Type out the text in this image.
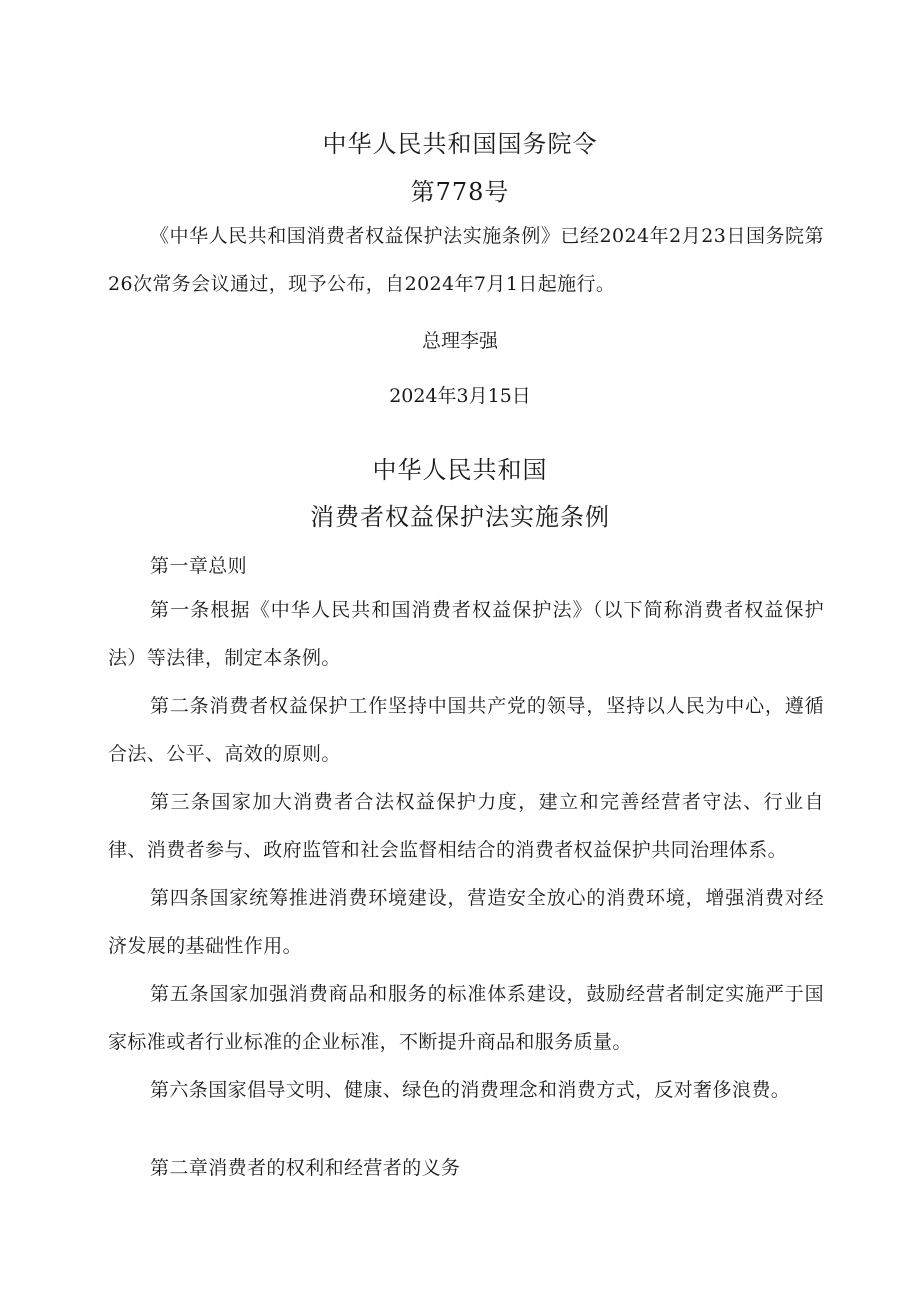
中华人民共和国国务院令
第778号
《中华人民共和国消费者权益保护法实施条例》已经2024年2月23日国务院第26次常务会议通过，现予公布，自2024年7月1日起施行。
总理李强
2024年3月15日
中华人民共和国
消费者权益保护法实施条例
第一章总则
第一条根据《中华人民共和国消费者权益保护法》（以下简称消费者权益保护法）等法律，制定本条例。
第二条消费者权益保护工作坚持中国共产党的领导，坚持以人民为中心，遵循合法、公平、高效的原则。
第三条国家加大消费者合法权益保护力度，建立和完善经营者守法、行业自律、消费者参与、政府监管和社会监督相结合的消费者权益保护共同治理体系。
第四条国家统筹推进消费环境建设，营造安全放心的消费环境，增强消费对经济发展的基础性作用。
第五条国家加强消费商品和服务的标准体系建设，鼓励经营者制定实施严于国家标准或者行业标准的企业标准，不断提升商品和服务质量。
第六条国家倡导文明、健康、绿色的消费理念和消费方式，反对奢侈浪费。
第二章消费者的权利和经营者的义务
